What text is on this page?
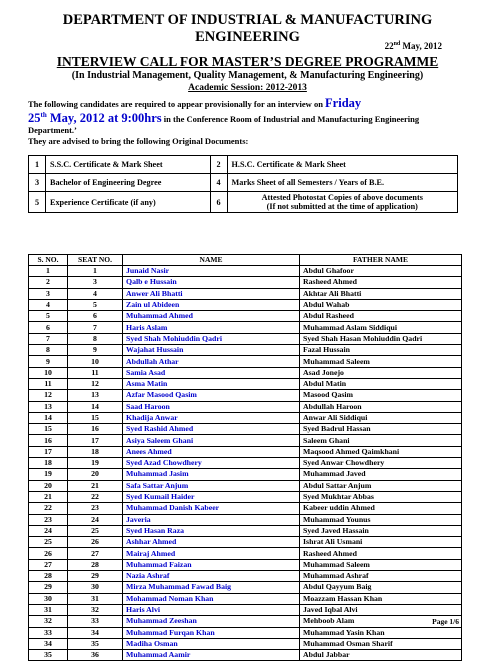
DEPARTMENT OF INDUSTRIAL & MANUFACTURING
ENGINEERING
22nd May, 2012
INTERVIEW CALL FOR MASTER’S DEGREE PROGRAMME
(In Industrial Management, Quality Management, & Manufacturing Engineering)
Academic Session: 2012-2013
The following candidates are required to appear provisionally for an interview on Friday
25th May, 2012 at 9:00hrs in the Conference Room of Industrial and Manufacturing Engineering Department.’
They are advised to bring the following Original Documents:
1	S.S.C. Certificate & Mark Sheet	2	H.S.C. Certificate & Mark Sheet
3	Bachelor of Engineering Degree	4	Marks Sheet of all Semesters / Years of B.E.
5	Experience Certificate (if any)	6	Attested Photostat Copies of above documents
(If not submitted at the time of application)
S. NO.	SEAT NO.	NAME	FATHER NAME
1	1	Junaid Nasir	Abdul Ghafoor
2	3	Qalb e Hussain	Rasheed Ahmed
3	4	Anwer Ali Bhatti	Akhtar Ali Bhatti
4	5	Zain ul Abideen	Abdul Wahab
5	6	Muhammad Ahmed	Abdul Rasheed
6	7	Haris Aslam	Muhammad Aslam Siddiqui
7	8	Syed Shah Mohiuddin Qadri	Syed Shah Hasan Mohiuddin Qadri
8	9	Wajahat Hussain	Fazal Hussain
9	10	Abdullah Athar	Muhammad Saleem
10	11	Samia Asad	Asad Jonejo
11	12	Asma Matin	Abdul Matin
12	13	Azfar Masood Qasim	Masood Qasim
13	14	Saad Haroon	Abdullah Haroon
14	15	Khadija Anwar	Anwar Ali Siddiqui
15	16	Syed Rashid Ahmed	Syed Badrul Hassan
16	17	Asiya Saleem Ghani	Saleem Ghani
17	18	Anees Ahmed	Maqsood Ahmed Qaimkhani
18	19	Syed Azad Chowdhery	Syed Anwar Chowdhery
19	20	Muhammad Jasim	Muhammad Javed
20	21	Safa Sattar Anjum	Abdul Sattar Anjum
21	22	Syed Kumail Haider	Syed Mukhtar Abbas
22	23	Muhammad Danish Kabeer	Kabeer uddin Ahmed
23	24	Javeria	Muhammad Younus
24	25	Syed Hasan Raza	Syed Javed Hassain
25	26	Ashhar Ahmed	Ishrat Ali Usmani
26	27	Mairaj Ahmed	Rasheed Ahmed
27	28	Muhammad Faizan	Muhammad Saleem
28	29	Nazia Ashraf	Muhammad Ashraf
29	30	Mirza Muhammad Fawad Baig	Abdul Qayyum Baig
30	31	Mohammad Noman Khan	Moazzam Hassan Khan
31	32	Haris Alvi	Javed Iqbal Alvi
32	33	Muhammad Zeeshan	Mehboob Alam
33	34	Muhammad Furqan Khan	Muhammad Yasin Khan
34	35	Madiha Osman	Muhammad Osman Sharif
35	36	Muhammad Aamir	Abdul Jabbar
Page 1/6
